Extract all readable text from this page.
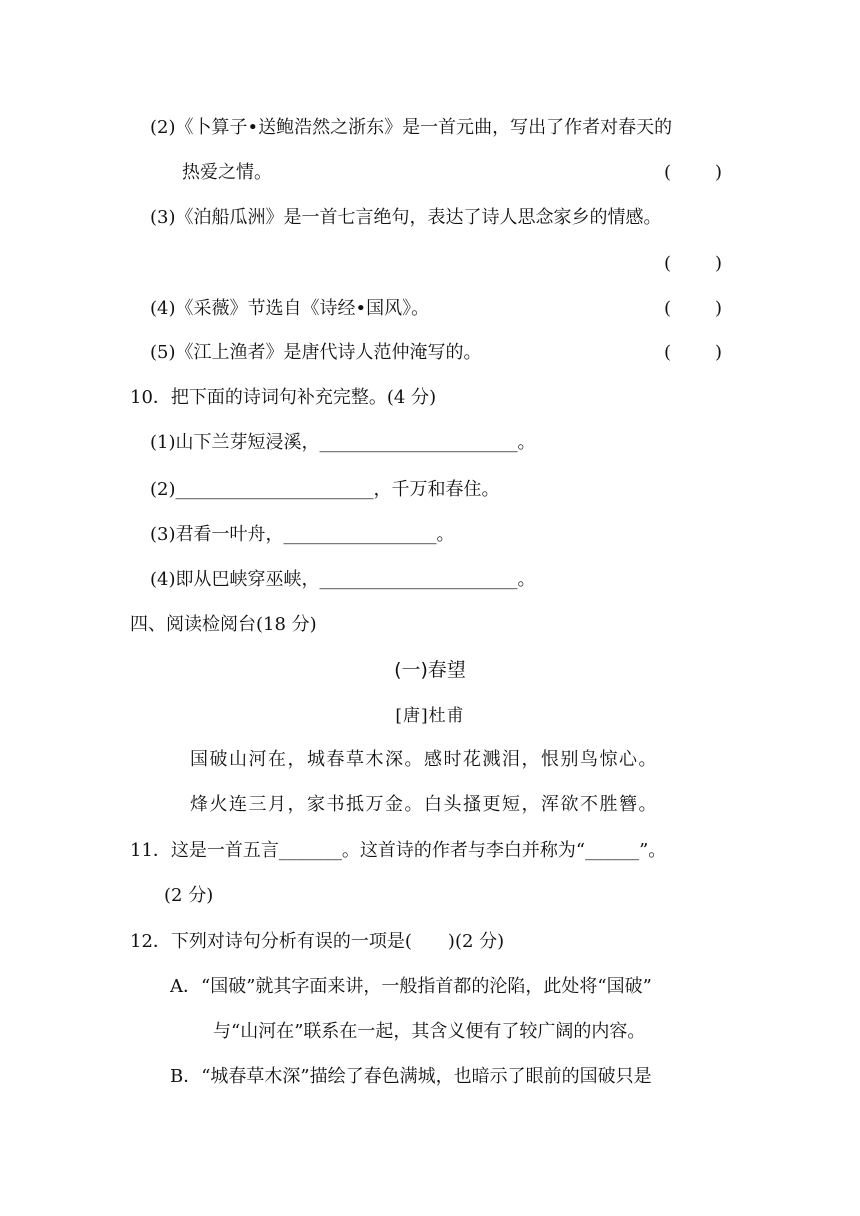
(2)《卜算子•送鲍浩然之浙东》是一首元曲，写出了作者对春天的
热爱之情。	( )
(3)《泊船瓜洲》是一首七言绝句，表达了诗人思念家乡的情感。
( )
(4)《采薇》节选自《诗经•国风》。	( )
(5)《江上渔者》是唐代诗人范仲淹写的。	( )
10．把下面的诗词句补充完整。(4 分)
(1)山下兰芽短浸溪，______________________。
(2)______________________，千万和春住。
(3)君看一叶舟，_________________。
(4)即从巴峡穿巫峡，______________________。
四、阅读检阅台(18 分)
(一)春望
[唐]杜甫
国破山河在，城春草木深。感时花溅泪，恨别鸟惊心。
烽火连三月，家书抵万金。白头搔更短，浑欲不胜簪。
11．这是一首五言_______。这首诗的作者与李白并称为“______”。
(2 分)
12．下列对诗句分析有误的一项是(　　)(2 分)
A．“国破”就其字面来讲，一般指首都的沦陷，此处将“国破”
与“山河在”联系在一起，其含义便有了较广阔的内容。
B．“城春草木深”描绘了春色满城，也暗示了眼前的国破只是
